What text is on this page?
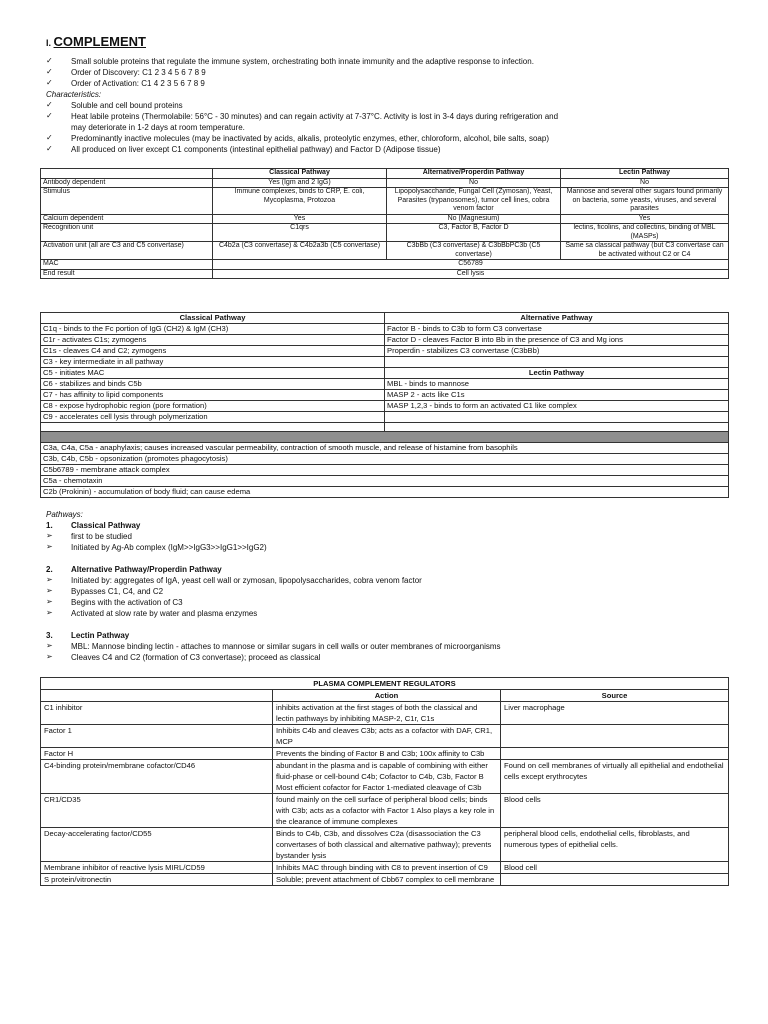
I. COMPLEMENT
✓ Small soluble proteins that regulate the immune system, orchestrating both innate immunity and the adaptive response to infection.
✓ Order of Discovery: C1 2 3 4 5 6 7 8 9
✓ Order of Activation: C1 4 2 3 5 6 7 8 9
Characteristics:
✓ Soluble and cell bound proteins
✓ Heat labile proteins (Thermolabile: 56°C - 30 minutes) and can regain activity at 7-37°C. Activity is lost in 3-4 days during refrigeration and
may deteriorate in 1-2 days at room temperature.
✓ Predominantly inactive molecules (may be inactivated by acids, alkalis, proteolytic enzymes, ether, chloroform, alcohol, bile salts, soap)
✓ All produced on liver except C1 components (intestinal epithelial pathway) and Factor D (Adipose tissue)
	Classical Pathway	Alternative/Properdin Pathway	Lectin Pathway
Antibody dependent	Yes (Igm and 2 IgG)	No	No
Stimulus	Immune complexes, binds to CRP, E. coli, Mycoplasma, Protozoa	Lipopolysaccharide, Fungal Cell (Zymosan), Yeast, Parasites (trypanosomes), tumor cell lines, cobra venom factor	Mannose and several other sugars found primarily on bacteria, some yeasts, viruses, and several parasites
Calcium dependent	Yes	No (Magnesium)	Yes
Recognition unit	C1qrs	C3, Factor B, Factor D	lectins, ficolins, and collectins, binding of MBL (MASPs)
Activation unit (all are C3 and C5 convertase)	C4b2a (C3 convertase) & C4b2a3b (C5 convertase)	C3bBb (C3 convertase) & C3bBbPC3b (C5 convertase)	Same sa classical pathway (but C3 convertase can be activated without C2 or C4
MAC	C56789		
End result	Cell lysis		
Classical Pathway	Alternative Pathway
C1q - binds to the Fc portion of IgG (CH2) & IgM (CH3)	Factor B - binds to C3b to form C3 convertase
C1r - activates C1s; zymogens	Factor D - cleaves Factor B into Bb in the presence of C3 and Mg ions
C1s - cleaves C4 and C2; zymogens	Properdin - stabilizes C3 convertase (C3bBb)
C3 - key intermediate in all pathway	
C5 - initiates MAC	Lectin Pathway
C6 - stabilizes and binds C5b	MBL - binds to mannose
C7 - has affinity to lipid components	MASP 2 - acts like C1s
C8 - expose hydrophobic region (pore formation)	MASP 1,2,3 - binds to form an activated C1 like complex
C9 - accelerates cell lysis through polymerization	

C3a, C4a, C5a - anaphylaxis; causes increased vascular permeability, contraction of smooth muscle, and release of histamine from basophils	
C3b, C4b, C5b - opsonization (promotes phagocytosis)	
C5b6789 - membrane attack complex	
C5a - chemotaxin	
C2b (Prokinin) - accumulation of body fluid; can cause edema	
Pathways:
1. Classical Pathway
➢ first to be studied
➢ Initiated by Ag-Ab complex (IgM>>IgG3>>IgG1>>IgG2)
2. Alternative Pathway/Properdin Pathway
➢ Initiated by: aggregates of IgA, yeast cell wall or zymosan, lipopolysaccharides, cobra venom factor
➢ Bypasses C1, C4, and C2
➢ Begins with the activation of C3
➢ Activated at slow rate by water and plasma enzymes
3. Lectin Pathway
➢ MBL: Mannose binding lectin - attaches to mannose or similar sugars in cell walls or outer membranes of microorganisms
➢ Cleaves C4 and C2 (formation of C3 convertase); proceed as classical
PLASMA COMPLEMENT REGULATORS		
	Action	Source
C1 inhibitor	inhibits activation at the first stages of both the classical and lectin pathways by inhibiting MASP-2, C1r, C1s	Liver macrophage
Factor 1	Inhibits C4b and cleaves C3b; acts as a cofactor with DAF, CR1, MCP	
Factor H	Prevents the binding of Factor B and C3b; 100x affinity to C3b	
C4-binding protein/membrane cofactor/CD46	abundant in the plasma and is capable of combining with either fluid-phase or cell-bound C4b; Cofactor to C4b, C3b, Factor B Most efficient cofactor for Factor 1-mediated cleavage of C3b	Found on cell membranes of virtually all epithelial and endothelial cells except erythrocytes
CR1/CD35	found mainly on the cell surface of peripheral blood cells; binds with C3b; acts as a cofactor with Factor 1 Also plays a key role in the clearance of immune complexes	Blood cells
Decay-accelerating factor/CD55	Binds to C4b, C3b, and dissolves C2a (disassociation the C3 convertases of both classical and alternative pathway); prevents bystander lysis	peripheral blood cells, endothelial cells, fibroblasts, and numerous types of epithelial cells.
Membrane inhibitor of reactive lysis MIRL/CD59	Inhibits MAC through binding with C8 to prevent insertion of C9	Blood cell
S protein/vitronectin	Soluble; prevent attachment of Cbb67 complex to cell membrane	
